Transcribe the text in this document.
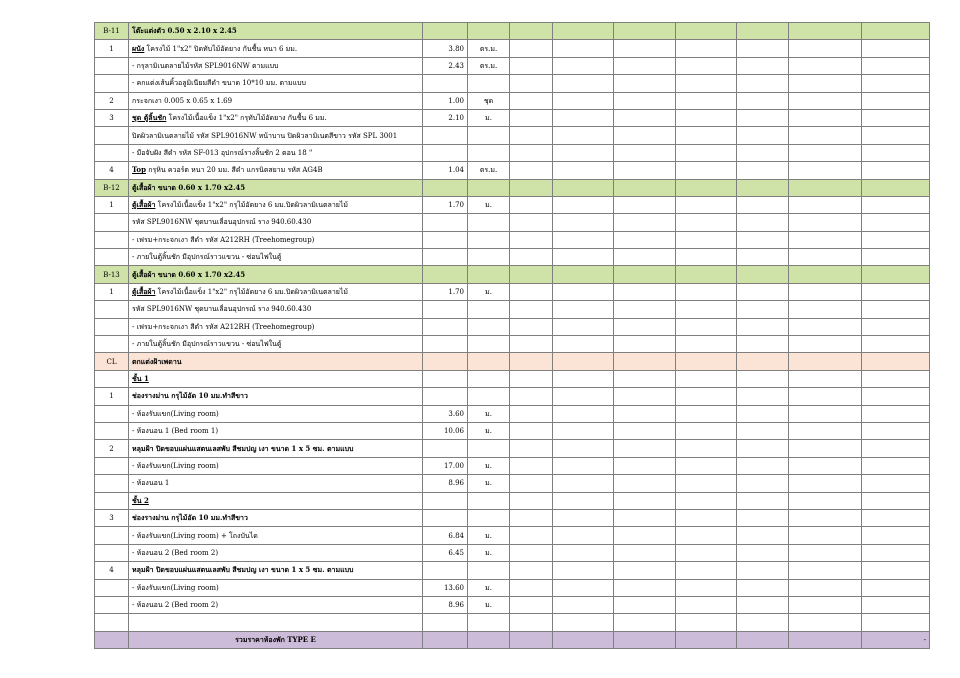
B-11	โต๊ะแต่งตัว 0.50 x 2.10 x 2.45									
1	ผนัง โครงไม้ 1"x2" ปิดทับไม้อัดยาง กันชื้น หนา 6 มม.	3.80	ตร.ม.							
	- กรุลามิเนตลายไม้รหัส SPL9016NW ตามแบบ	2.43	ตร.ม.							
	- คกแต่งเส้นคิ้วอลูมิเนียมสีดำ ขนาด 10*10 มม. ตามแบบ									
2	กระจกเงา 0.005 x 0.65 x 1.69	1.00	ชุด							
3	ชุด ตู้ลิ้นชัก โครงไม้เนื้อแข็ง 1"x2" กรุทับไม้อัดยาง กันชื้น 6 มม.	2.10	ม.							
	ปิดผิวลามิเนตลายไม้ รหัส SPL9016NW หน้าบาน ปิดผิวลามิเนตสีขาว รหัส SPL 3001									
	- มือจับฝัง สีดำ รหัส SF-013 อุปกรณ์รางลิ้นชัก 2 ตอน 18 "									
4	Top กรุหิน ควอร์ต หนา 20 มม. สีดำ แกรนิตสยาม รหัส AG4B	1.04	ตร.ม.							
B-12	ตู้เสื้อผ้า ขนาด 0.60 x 1.70 x2.45									
1	ตู้เสื้อผ้า โครงไม้เนื้อแข็ง 1"x2" กรุไม้อัดยาง 6 มม.ปิดผิวลามิเนตลายไม้	1.70	ม.							
	รหัส SPL9016NW ชุดบานเลื่อนอุปกรณ์ ราง 940.60.430									
	- เฟรม+กระจกเงา สีดำ รหัส A212RH (Treehomegroup)									
	- ภายในตู้ลิ้นชัก มีอุปกรณ์ราวแขวน - ซ่อนไฟในตู้									
B-13	ตู้เสื้อผ้า ขนาด 0.60 x 1.70 x2.45									
1	ตู้เสื้อผ้า โครงไม้เนื้อแข็ง 1"x2" กรุไม้อัดยาง 6 มม.ปิดผิวลามิเนตลายไม้	1.70	ม.							
	รหัส SPL9016NW ชุดบานเลื่อนอุปกรณ์ ราง 940.60.430									
	- เฟรม+กระจกเงา สีดำ รหัส A212RH (Treehomegroup)									
	- ภายในตู้ลิ้นชัก มีอุปกรณ์ราวแขวน - ซ่อนไฟในตู้									
CL	ตกแต่งฝ้าเพดาน									
	ชั้น 1									
1	ช่องรางม่าน กรุไม้อัด 10 มม.ทำสีขาว									
	- ห้องรับแขก(Living room)	3.60	ม.							
	- ห้องนอน 1 (Bed room 1)	10.06	ม.							
2	หลุมฝ้า ปิดขอบแผ่นแสตนเลสพับ สีชมปญ เงา ขนาด 1 x 5 ซม. ตามแบบ									
	- ห้องรับแขก(Living room)	17.00	ม.							
	- ห้องนอน 1	8.96	ม.							
	ชั้น 2									
3	ช่องรางม่าน กรุไม้อัด 10 มม.ทำสีขาว									
	- ห้องรับแขก(Living room) + โถงบันได	6.84	ม.							
	- ห้องนอน 2 (Bed room 2)	6.45	ม.							
4	หลุมฝ้า ปิดขอบแผ่นแสตนเลสพับ สีชมปญ เงา ขนาด 1 x 5 ซม. ตามแบบ									
	- ห้องรับแขก(Living room)	13.60	ม.							
	- ห้องนอน 2 (Bed room 2)	8.96	ม.							

	รวมราคาห้องพัก TYPE E									-
